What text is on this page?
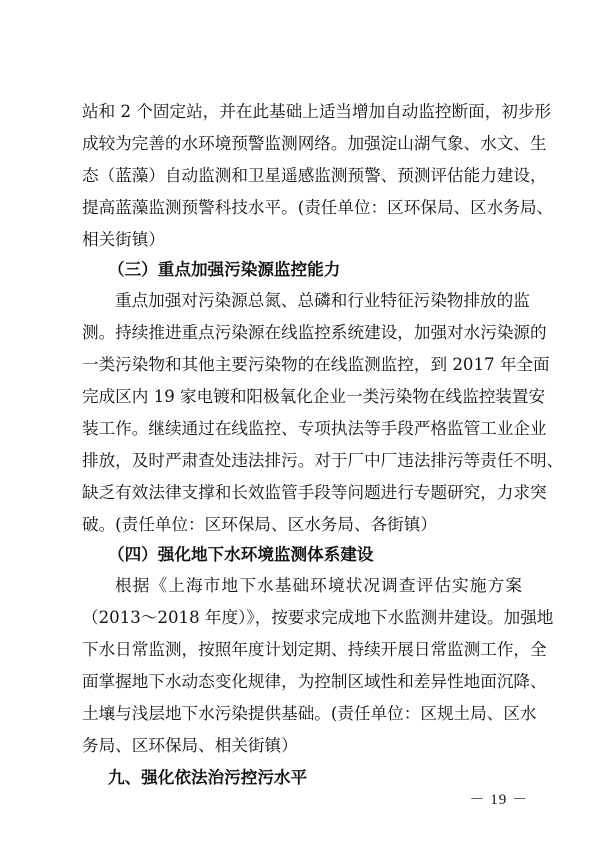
站和 2 个固定站，并在此基础上适当增加自动监控断面，初步形
成较为完善的水环境预警监测网络。加强淀山湖气象、水文、生
态（蓝藻）自动监测和卫星遥感监测预警、预测评估能力建设，
提高蓝藻监测预警科技水平。(责任单位：区环保局、区水务局、
相关街镇）
（三）重点加强污染源监控能力
重点加强对污染源总氮、总磷和行业特征污染物排放的监
测。持续推进重点污染源在线监控系统建设，加强对水污染源的
一类污染物和其他主要污染物的在线监测监控，到 2017 年全面
完成区内 19 家电镀和阳极氧化企业一类污染物在线监控装置安
装工作。继续通过在线监控、专项执法等手段严格监管工业企业
排放，及时严肃查处违法排污。对于厂中厂违法排污等责任不明、
缺乏有效法律支撑和长效监管手段等问题进行专题研究，力求突
破。(责任单位：区环保局、区水务局、各街镇）
（四）强化地下水环境监测体系建设
根据《上海市地下水基础环境状况调查评估实施方案
（2013～2018 年度）》，按要求完成地下水监测井建设。加强地
下水日常监测，按照年度计划定期、持续开展日常监测工作，全
面掌握地下水动态变化规律，为控制区域性和差异性地面沉降、
土壤与浅层地下水污染提供基础。(责任单位：区规土局、区水
务局、区环保局、相关街镇）
九、强化依法治污控污水平
－ 19 －
